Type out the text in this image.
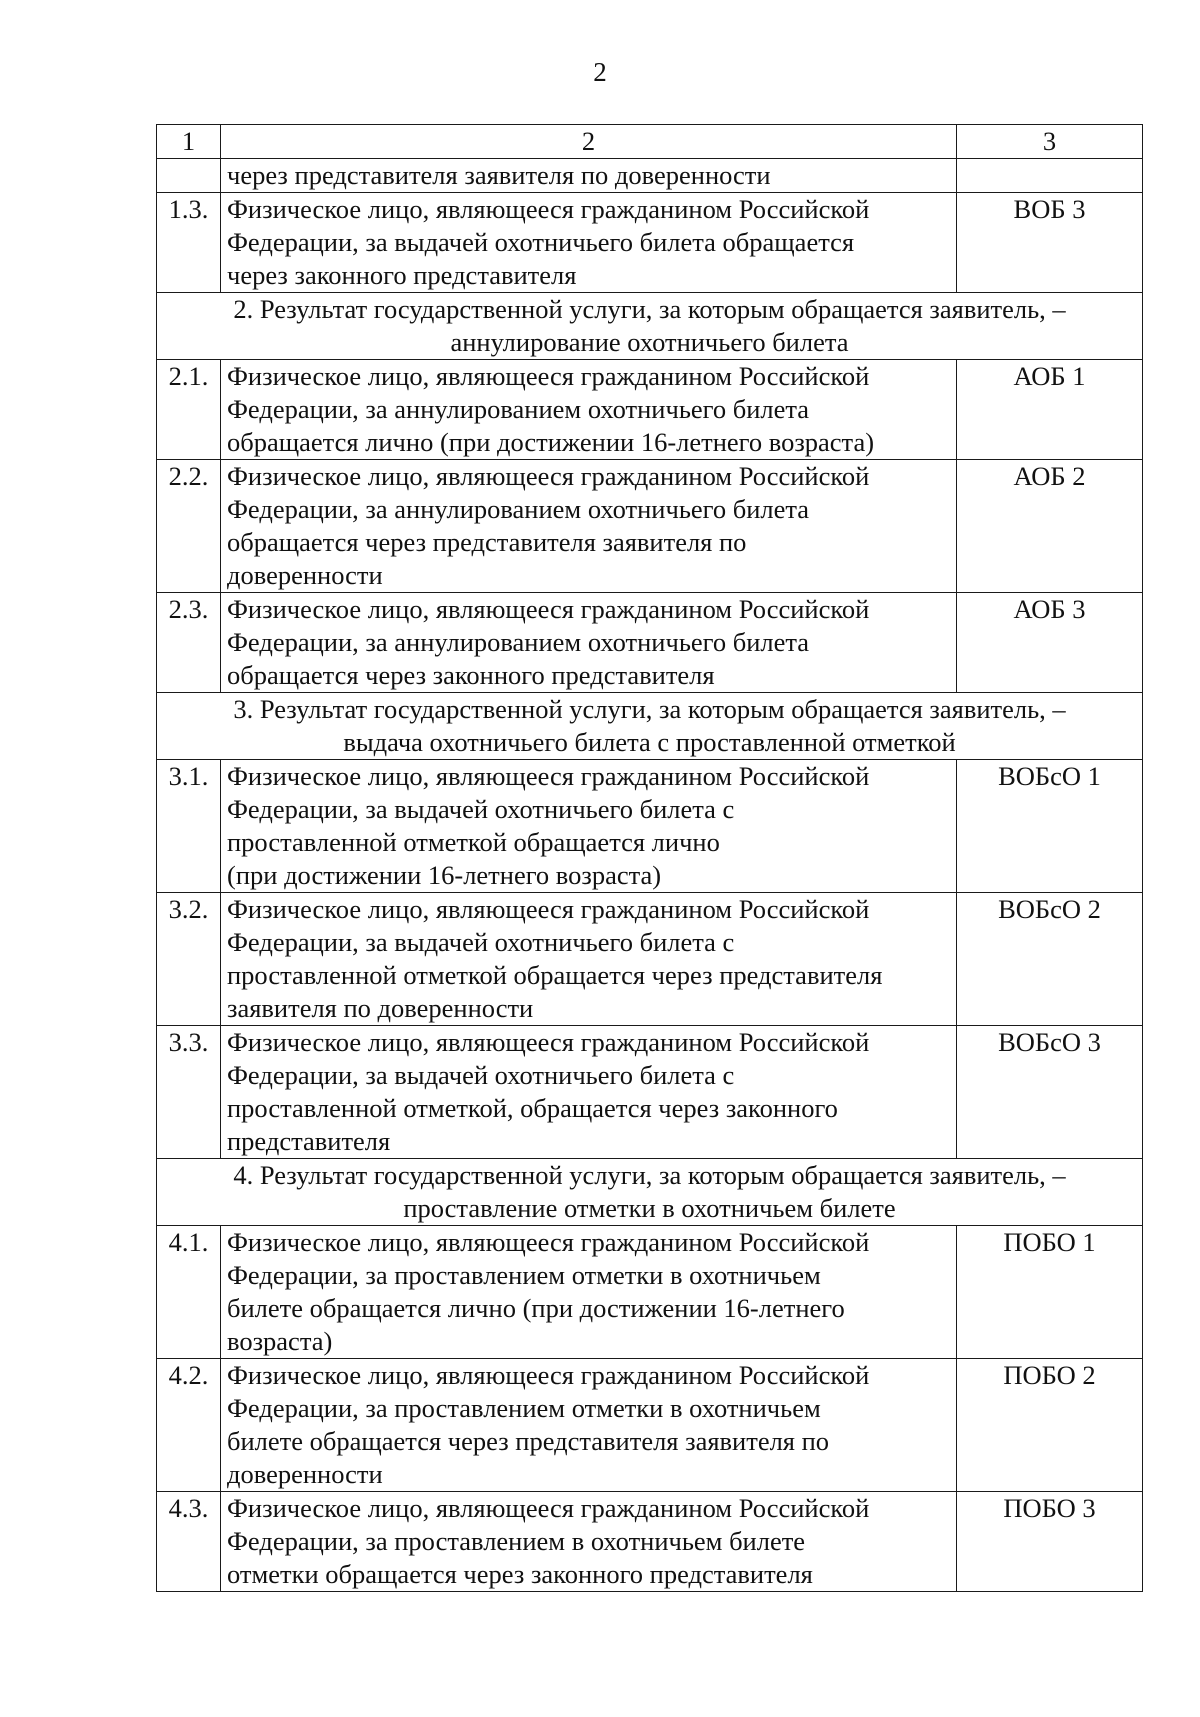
2
1	2	3
	через представителя заявителя по доверенности	
1.3.	Физическое лицо, являющееся гражданином Российской
Федерации, за выдачей охотничьего билета обращается
через законного представителя	ВОБ 3
2. Результат государственной услуги, за которым обращается заявитель, –
аннулирование охотничьего билета		
2.1.	Физическое лицо, являющееся гражданином Российской
Федерации, за аннулированием охотничьего билета
обращается лично (при достижении 16-летнего возраста)	АОБ 1
2.2.	Физическое лицо, являющееся гражданином Российской
Федерации, за аннулированием охотничьего билета
обращается через представителя заявителя по
доверенности	АОБ 2
2.3.	Физическое лицо, являющееся гражданином Российской
Федерации, за аннулированием охотничьего билета
обращается через законного представителя	АОБ 3
3. Результат государственной услуги, за которым обращается заявитель, –
выдача охотничьего билета с проставленной отметкой		
3.1.	Физическое лицо, являющееся гражданином Российской
Федерации, за выдачей охотничьего билета с
проставленной отметкой обращается лично
(при достижении 16-летнего возраста)	ВОБсО 1
3.2.	Физическое лицо, являющееся гражданином Российской
Федерации, за выдачей охотничьего билета с
проставленной отметкой обращается через представителя
заявителя по доверенности	ВОБсО 2
3.3.	Физическое лицо, являющееся гражданином Российской
Федерации, за выдачей охотничьего билета с
проставленной отметкой, обращается через законного
представителя	ВОБсО 3
4. Результат государственной услуги, за которым обращается заявитель, –
проставление отметки в охотничьем билете		
4.1.	Физическое лицо, являющееся гражданином Российской
Федерации, за проставлением отметки в охотничьем
билете обращается лично (при достижении 16-летнего
возраста)	ПОБО 1
4.2.	Физическое лицо, являющееся гражданином Российской
Федерации, за проставлением отметки в охотничьем
билете обращается через представителя заявителя по
доверенности	ПОБО 2
4.3.	Физическое лицо, являющееся гражданином Российской
Федерации, за проставлением в охотничьем билете
отметки обращается через законного представителя	ПОБО 3
